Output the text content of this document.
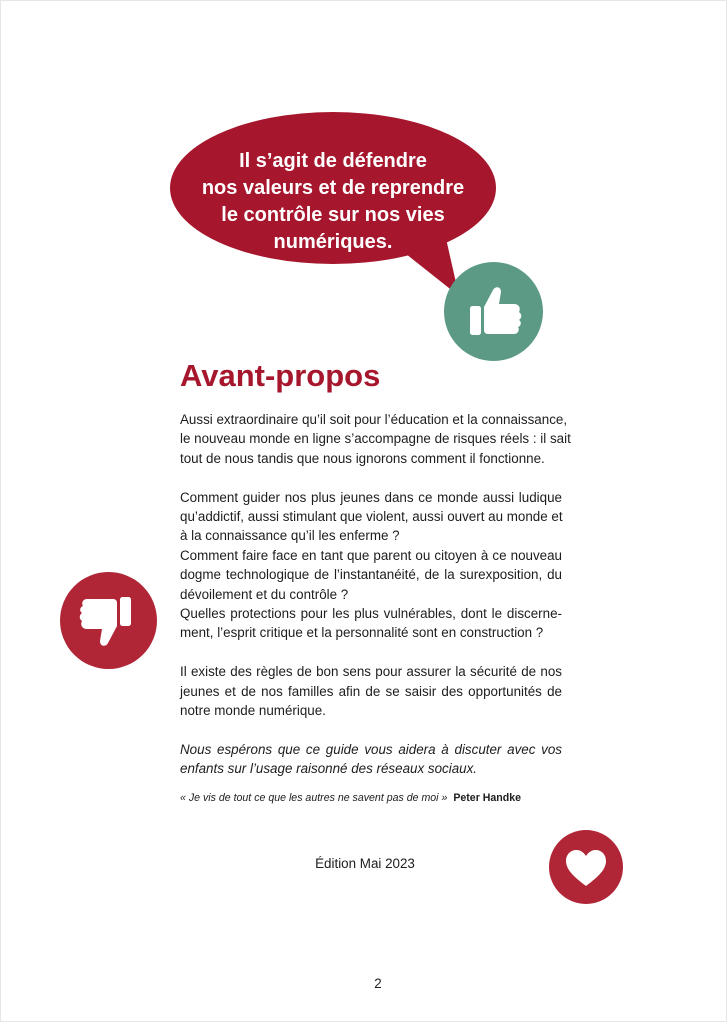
Il s’agit de défendre
nos valeurs et de reprendre
le contrôle sur nos vies
numériques.
Avant-propos
Aussi extraordinaire qu’il soit pour l’éducation et la connaissance,
le nouveau monde en ligne s’accompagne de risques réels : il sait
tout de nous tandis que nous ignorons comment il fonctionne.
Comment guider nos plus jeunes dans ce monde aussi ludique
qu’addictif, aussi stimulant que violent, aussi ouvert au monde et
à la connaissance qu’il les enferme ?
Comment faire face en tant que parent ou citoyen à ce nouveau
dogme technologique de l’instantanéité, de la surexposition, du
dévoilement et du contrôle ?
Quelles protections pour les plus vulnérables, dont le discerne-
ment, l’esprit critique et la personnalité sont en construction ?
Il existe des règles de bon sens pour assurer la sécurité de nos
jeunes et de nos familles afin de se saisir des opportunités de
notre monde numérique.
Nous espérons que ce guide vous aidera à discuter avec vos
enfants sur l’usage raisonné des réseaux sociaux.
« Je vis de tout ce que les autres ne savent pas de moi » Peter Handke
Édition Mai 2023
2
